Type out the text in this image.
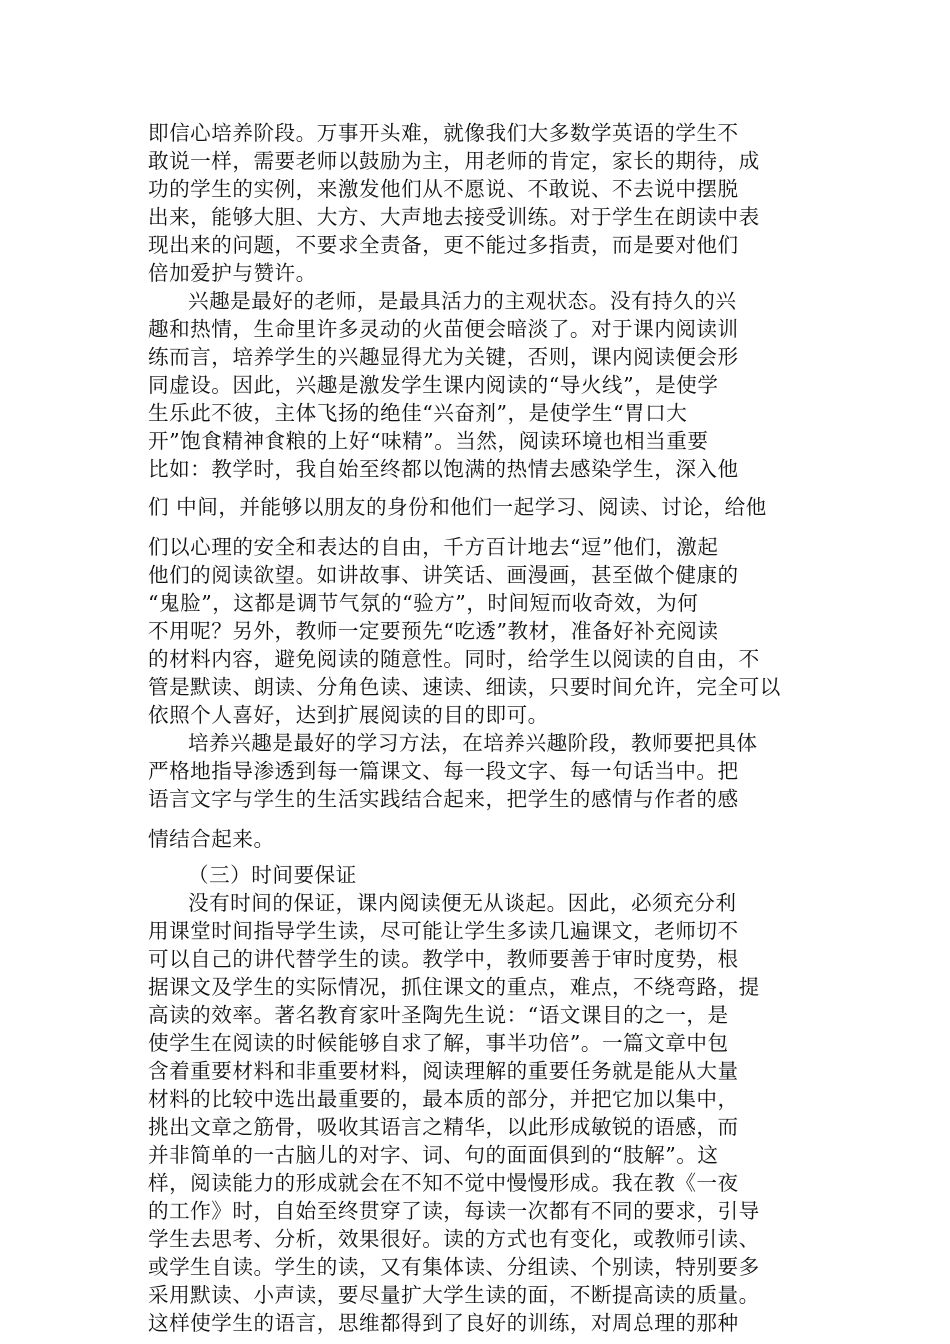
即信心培养阶段。万事开头难，就像我们大多数学英语的学生不
敢说一样，需要老师以鼓励为主，用老师的肯定，家长的期待，成
功的学生的实例，来激发他们从不愿说、不敢说、不去说中摆脱
出来，能够大胆、大方、大声地去接受训练。对于学生在朗读中表
现出来的问题，不要求全责备，更不能过多指责，而是要对他们
倍加爱护与赞许。
兴趣是最好的老师，是最具活力的主观状态。没有持久的兴
趣和热情，生命里许多灵动的火苗便会暗淡了。对于课内阅读训
练而言，培养学生的兴趣显得尤为关键，否则，课内阅读便会形
同虚设。因此，兴趣是激发学生课内阅读的“导火线”，是使学
生乐此不彼，主体飞扬的绝佳“兴奋剂”，是使学生“胃口大
开”饱食精神食粮的上好“味精”。当然，阅读环境也相当重要
比如：教学时，我自始至终都以饱满的热情去感染学生，深入他
们 中间，并能够以朋友的身份和他们一起学习、阅读、讨论，给他
们以心理的安全和表达的自由，千方百计地去“逗”他们，激起
他们的阅读欲望。如讲故事、讲笑话、画漫画，甚至做个健康的
“鬼脸”，这都是调节气氛的“验方”，时间短而收奇效，为何
不用呢？另外，教师一定要预先“吃透”教材，准备好补充阅读
的材料内容，避免阅读的随意性。同时，给学生以阅读的自由，不
管是默读、朗读、分角色读、速读、细读，只要时间允许，完全可以
依照个人喜好，达到扩展阅读的目的即可。
培养兴趣是最好的学习方法，在培养兴趣阶段，教师要把具体
严格地指导渗透到每一篇课文、每一段文字、每一句话当中。把
语言文字与学生的生活实践结合起来，把学生的感情与作者的感
情结合起来。
（三）时间要保证
没有时间的保证，课内阅读便无从谈起。因此，必须充分利
用课堂时间指导学生读，尽可能让学生多读几遍课文，老师切不
可以自己的讲代替学生的读。教学中，教师要善于审时度势，根
据课文及学生的实际情况，抓住课文的重点，难点，不绕弯路，提
高读的效率。著名教育家叶圣陶先生说：“语文课目的之一，是
使学生在阅读的时候能够自求了解，事半功倍”。一篇文章中包
含着重要材料和非重要材料，阅读理解的重要任务就是能从大量
材料的比较中选出最重要的，最本质的部分，并把它加以集中，
挑出文章之筋骨，吸收其语言之精华，以此形成敏锐的语感，而
并非简单的一古脑儿的对字、词、句的面面俱到的“肢解”。这
样，阅读能力的形成就会在不知不觉中慢慢形成。我在教《一夜
的工作》时，自始至终贯穿了读，每读一次都有不同的要求，引导
学生去思考、分析，效果很好。读的方式也有变化，或教师引读、
或学生自读。学生的读，又有集体读、分组读、个别读，特别要多
采用默读、小声读，要尽量扩大学生读的面，不断提高读的质量。
这样使学生的语言，思维都得到了良好的训练，对周总理的那种
